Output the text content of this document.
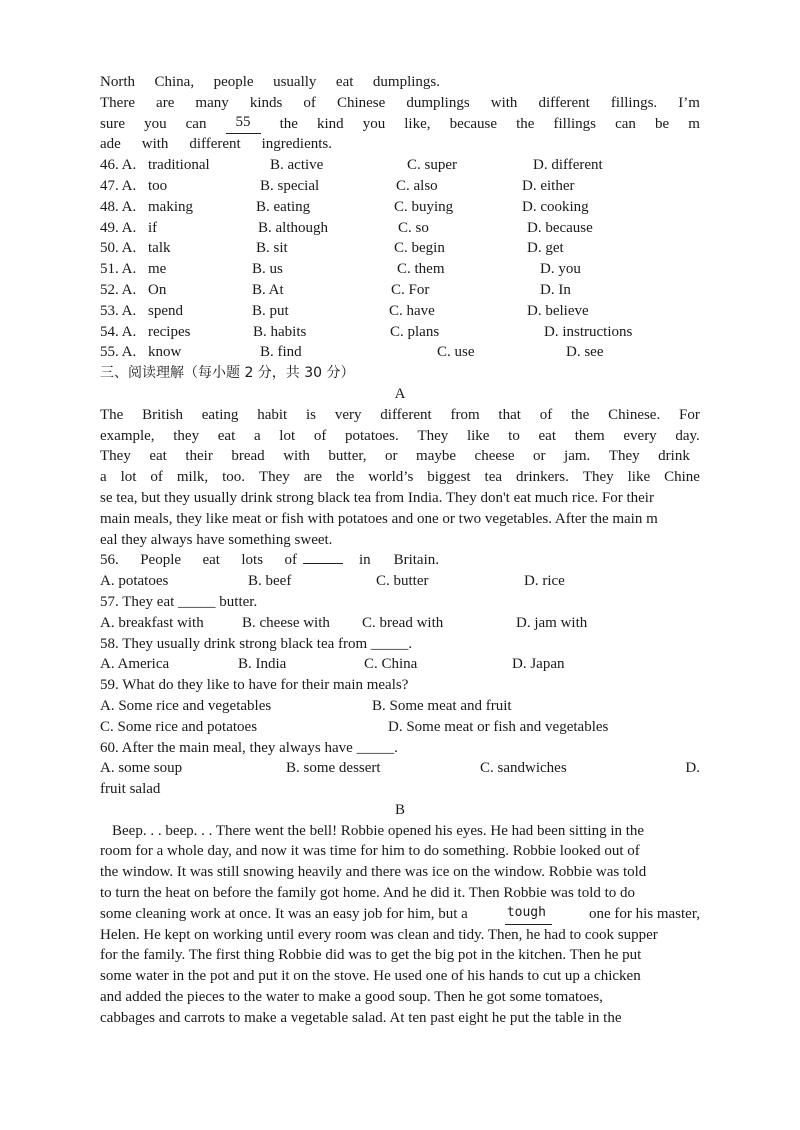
North China, people usually eat dumplings.
There are many kinds of Chinese dumplings with different fillings. I’m
sure you can	55	the kind you like, because the fillings can be m
ade with different ingredients.
46. A. traditional	B. active	C. super	D. different
47. A. too	B. special	C. also	D. either
48. A. making	B. eating	C. buying	D. cooking
49. A. if	B. although	C. so	D. because
50. A. talk	B. sit	C. begin	D. get
51. A. me	B. us	C. them	D. you
52. A. On	B. At	C. For	D. In
53. A. spend	B. put	C. have	D. believe
54. A. recipes	B. habits	C. plans	D. instructions
55. A. know	B. find	C. use	D. see
三、阅读理解（每小题 2 分，共 30 分）
A
The British eating habit is very different from that of the Chinese. For
example, they eat a lot of potatoes. They like to eat them every day.
They eat their bread with butter, or maybe cheese or jam. They drink
a lot of milk, too. They are the world’s biggest tea drinkers. They like Chine
se tea, but they usually drink strong black tea from India. They don't eat much rice. For their
main meals, they like meat or fish with potatoes and one or two vegetables. After the main m
eal they always have something sweet.
56. People eat lots of	in Britain.
A. potatoes	B. beef	C. butter	D. rice
57. They eat _____ butter.
A. breakfast with	B. cheese with C. bread with	D. jam with
58. They usually drink strong black tea from _____.
A. America	B. India	C. China	D. Japan
59. What do they like to have for their main meals?
A. Some rice and vegetables	B. Some meat and fruit
C. Some rice and potatoes	D. Some meat or fish and vegetables
60. After the main meal, they always have _____.
A. some soup	B. some dessert	C. sandwiches	D.
fruit salad
B
Beep. . . beep. . . There went the bell! Robbie opened his eyes. He had been sitting in the
room for a whole day, and now it was time for him to do something. Robbie looked out of
the window. It was still snowing heavily and there was ice on the window. Robbie was told
to turn the heat on before the family got home. And he did it. Then Robbie was told to do
some cleaning work at once. It was an easy job for him, but a	tough	one for his master,
Helen. He kept on working until every room was clean and tidy. Then, he had to cook supper
for the family. The first thing Robbie did was to get the big pot in the kitchen. Then he put
some water in the pot and put it on the stove. He used one of his hands to cut up a chicken
and added the pieces to the water to make a good soup. Then he got some tomatoes,
cabbages and carrots to make a vegetable salad. At ten past eight he put the table in the
